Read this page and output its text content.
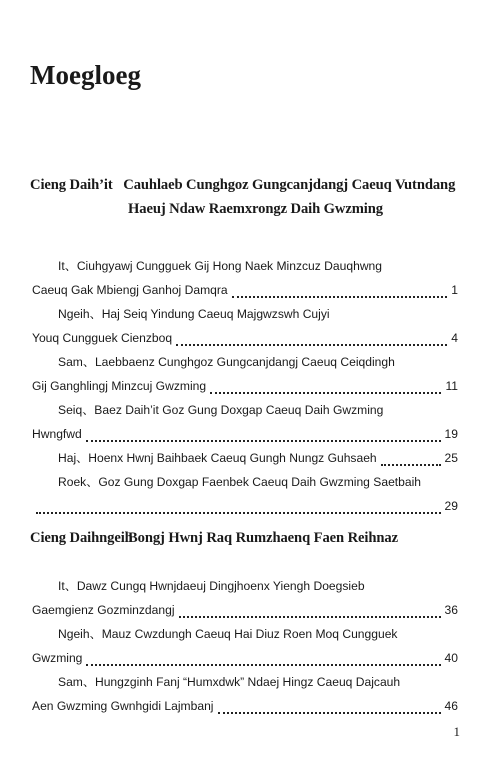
Moegloeg
Cieng Daih’it Cauhlaeb Cunghgoz Gungcanjdangj Caeuq Vutndang
Haeuj Ndaw Raemxrongz Daih Gwzming
It、Ciuhgyawj Cungguek Gij Hong Naek Minzcuz Dauqhwng
Caeuq Gak Mbiengj Ganhoj Damqra	1
Ngeih、Haj Seiq Yindung Caeuq Majgwzswh Cujyi
Youq Cungguek Cienzboq	4
Sam、Laebbaenz Cunghgoz Gungcanjdangj Caeuq Ceiqdingh
Gij Ganghlingj Minzcuj Gwzming	11
Seiq、Baez Daih’it Goz Gung Doxgap Caeuq Daih Gwzming
Hwngfwd	19
Haj、Hoenx Hwnj Baihbaek Caeuq Gungh Nungz Guhsaeh	25
Roek、Goz Gung Doxgap Faenbek Caeuq Daih Gwzming Saetbaih
29
Cieng DaihngeihBongj Hwnj Raq Rumzhaenq Faen Reihnaz
It、Dawz Cungq Hwnjdaeuj Dingjhoenx Yiengh Doegsieb
Gaemgienz Gozminzdangj	36
Ngeih、Mauz Cwzdungh Caeuq Hai Diuz Roen Moq Cungguek
Gwzming	40
Sam、Hungzginh Fanj “Humxdwk” Ndaej Hingz Caeuq Dajcauh
Aen Gwzming Gwnhgidi Lajmbanj	46
1
